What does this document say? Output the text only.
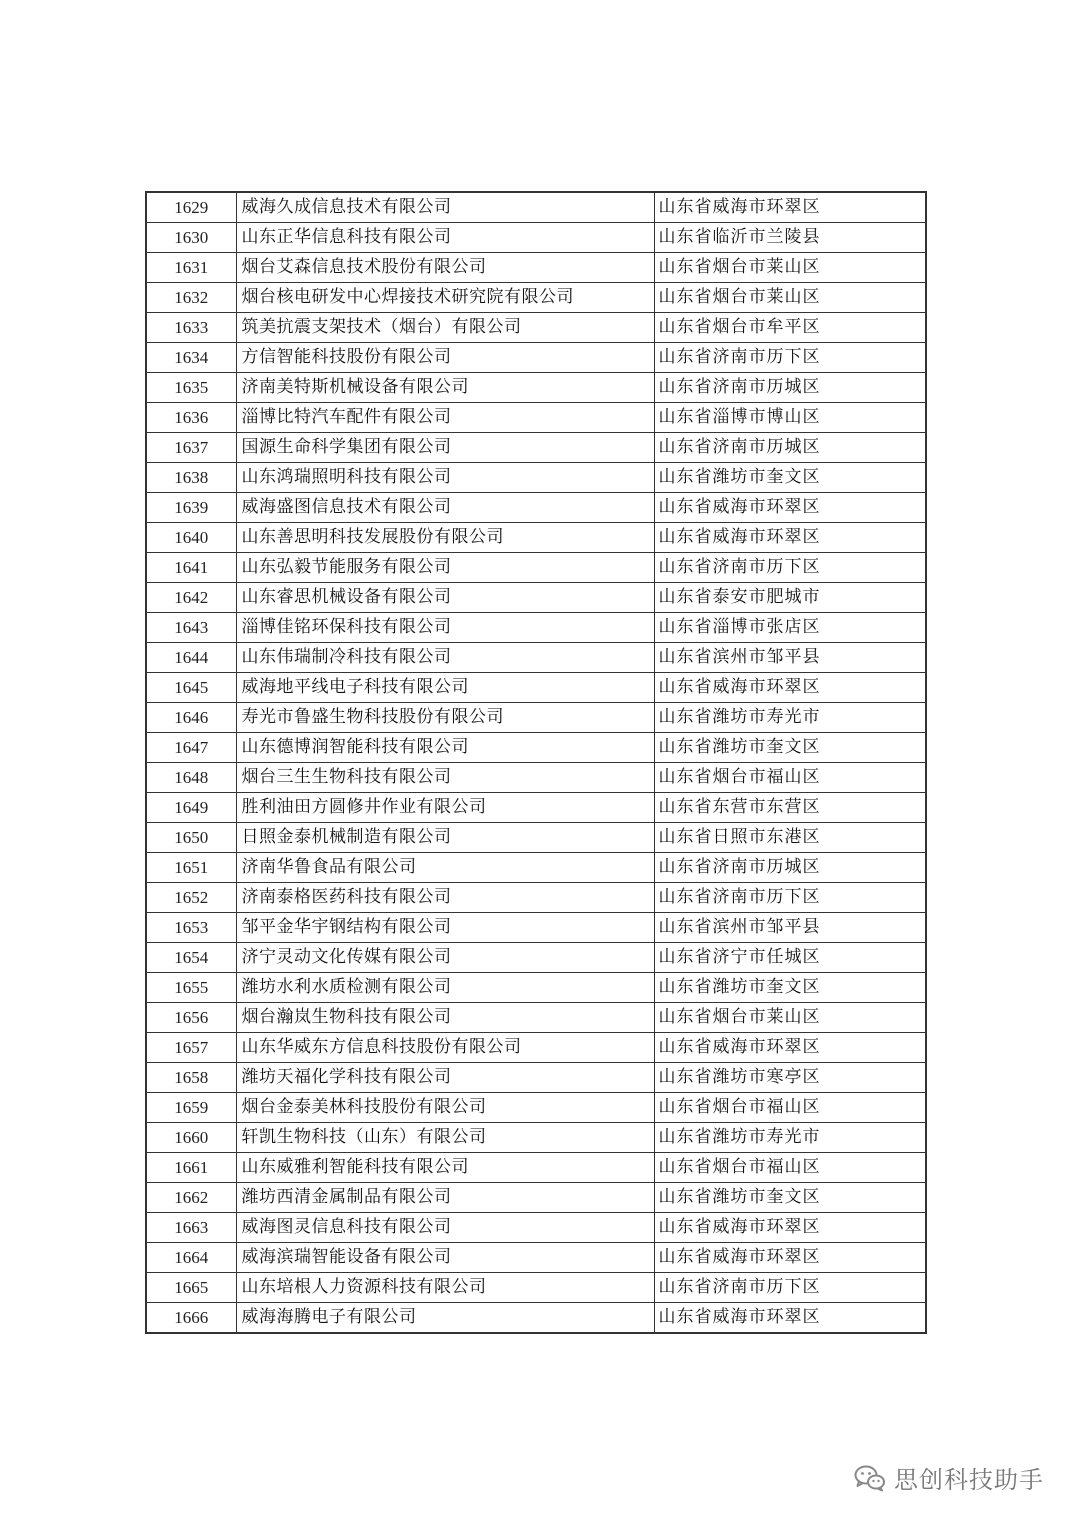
1629	威海久成信息技术有限公司	山东省威海市环翠区
1630	山东正华信息科技有限公司	山东省临沂市兰陵县
1631	烟台艾森信息技术股份有限公司	山东省烟台市莱山区
1632	烟台核电研发中心焊接技术研究院有限公司	山东省烟台市莱山区
1633	筑美抗震支架技术（烟台）有限公司	山东省烟台市牟平区
1634	方信智能科技股份有限公司	山东省济南市历下区
1635	济南美特斯机械设备有限公司	山东省济南市历城区
1636	淄博比特汽车配件有限公司	山东省淄博市博山区
1637	国源生命科学集团有限公司	山东省济南市历城区
1638	山东鸿瑞照明科技有限公司	山东省潍坊市奎文区
1639	威海盛图信息技术有限公司	山东省威海市环翠区
1640	山东善思明科技发展股份有限公司	山东省威海市环翠区
1641	山东弘毅节能服务有限公司	山东省济南市历下区
1642	山东睿思机械设备有限公司	山东省泰安市肥城市
1643	淄博佳铭环保科技有限公司	山东省淄博市张店区
1644	山东伟瑞制冷科技有限公司	山东省滨州市邹平县
1645	威海地平线电子科技有限公司	山东省威海市环翠区
1646	寿光市鲁盛生物科技股份有限公司	山东省潍坊市寿光市
1647	山东德博润智能科技有限公司	山东省潍坊市奎文区
1648	烟台三生生物科技有限公司	山东省烟台市福山区
1649	胜利油田方圆修井作业有限公司	山东省东营市东营区
1650	日照金泰机械制造有限公司	山东省日照市东港区
1651	济南华鲁食品有限公司	山东省济南市历城区
1652	济南泰格医药科技有限公司	山东省济南市历下区
1653	邹平金华宇钢结构有限公司	山东省滨州市邹平县
1654	济宁灵动文化传媒有限公司	山东省济宁市任城区
1655	潍坊水利水质检测有限公司	山东省潍坊市奎文区
1656	烟台瀚岚生物科技有限公司	山东省烟台市莱山区
1657	山东华威东方信息科技股份有限公司	山东省威海市环翠区
1658	潍坊天福化学科技有限公司	山东省潍坊市寒亭区
1659	烟台金泰美林科技股份有限公司	山东省烟台市福山区
1660	轩凯生物科技（山东）有限公司	山东省潍坊市寿光市
1661	山东威雅利智能科技有限公司	山东省烟台市福山区
1662	潍坊西清金属制品有限公司	山东省潍坊市奎文区
1663	威海图灵信息科技有限公司	山东省威海市环翠区
1664	威海滨瑞智能设备有限公司	山东省威海市环翠区
1665	山东培根人力资源科技有限公司	山东省济南市历下区
1666	威海海腾电子有限公司	山东省威海市环翠区
思创科技助手
